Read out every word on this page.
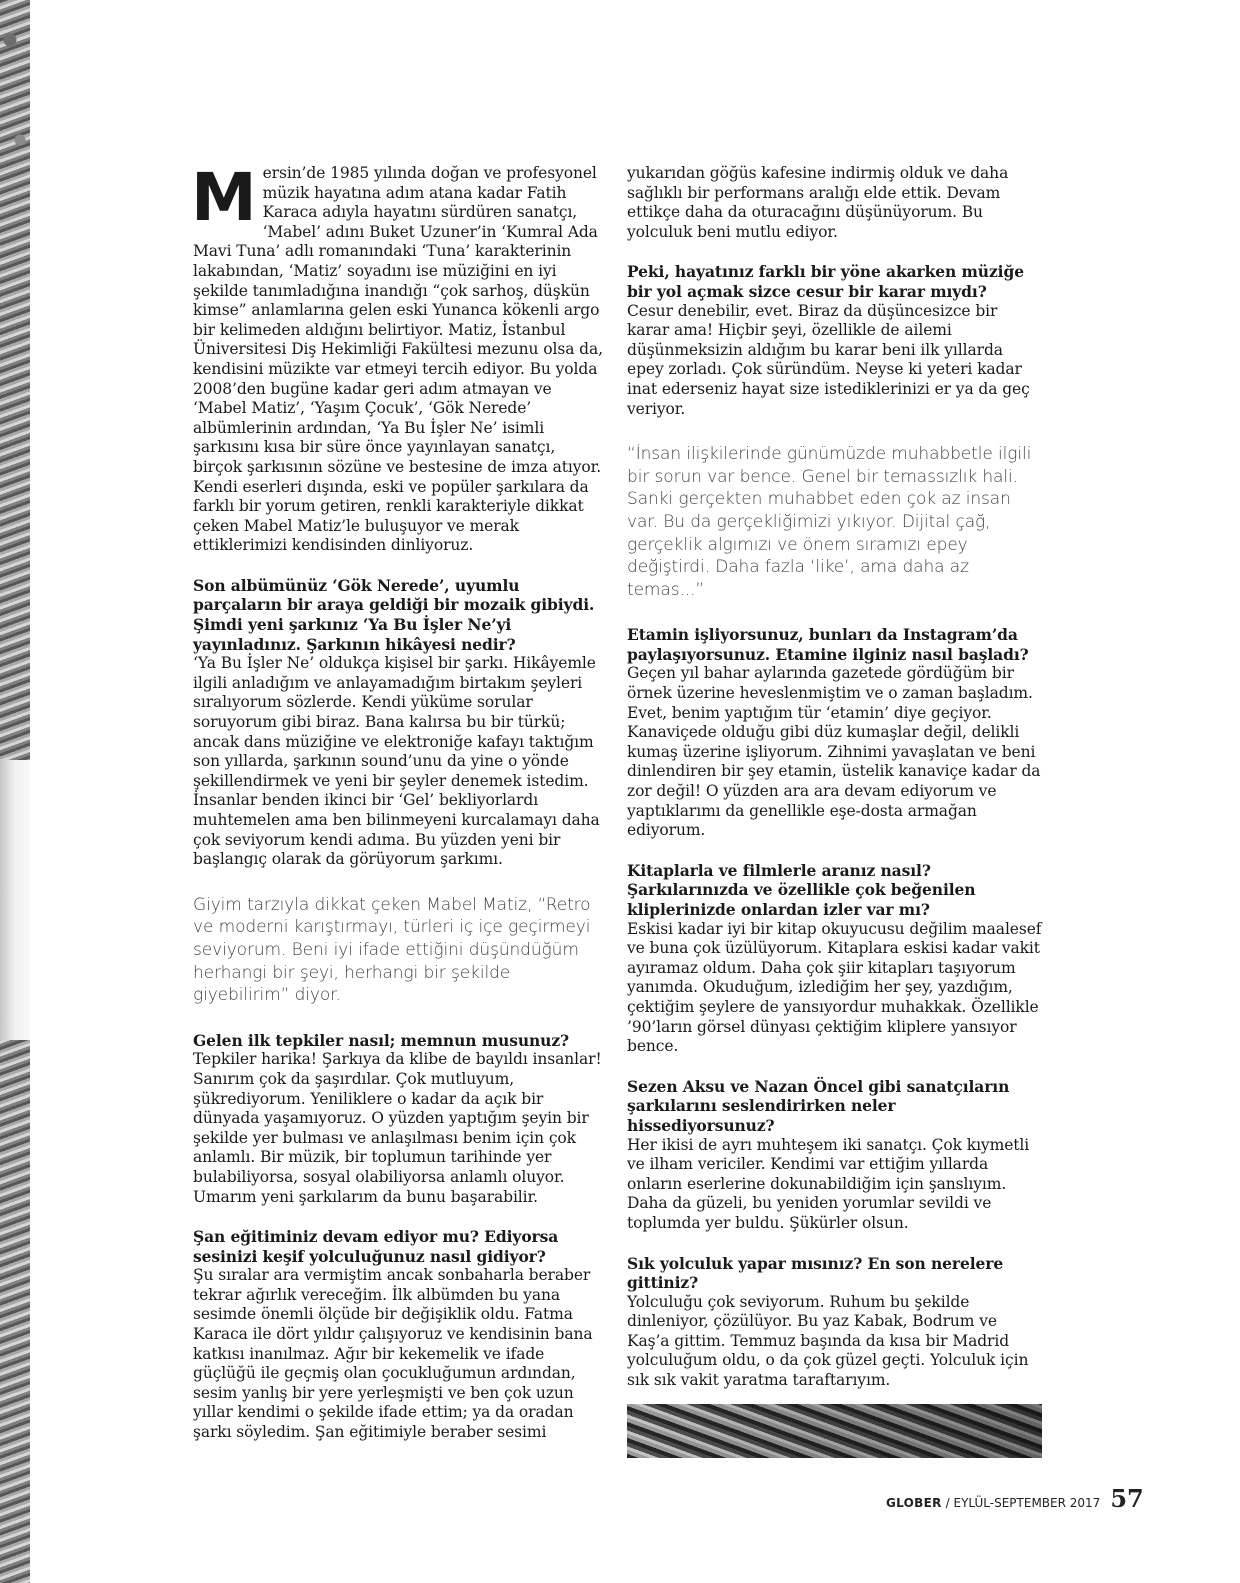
Mersin’de 1985 yılında doğan ve profesyonel müzik hayatına adım atana kadar Fatih Karaca adıyla hayatını sürdüren sanatçı, ‘Mabel’ adını Buket Uzuner’in ‘Kumral Ada Mavi Tuna’ adlı romanındaki ‘Tuna’ karakterinin lakabından, ‘Matiz’ soyadını ise müziğini en iyi şekilde tanımladığına inandığı “çok sarhoş, düşkün kimse” anlamlarına gelen eski Yunanca kökenli argo bir kelimeden aldığını belirtiyor. Matiz, İstanbul Üniversitesi Diş Hekimliği Fakültesi mezunu olsa da, kendisini müzikte var etmeyi tercih ediyor. Bu yolda 2008’den bugüne kadar geri adım atmayan ve ‘Mabel Matiz’, ‘Yaşım Çocuk’, ‘Gök Nerede’ albümlerinin ardından, ‘Ya Bu İşler Ne’ isimli şarkısını kısa bir süre önce yayınlayan sanatçı, birçok şarkısının sözüne ve bestesine de imza atıyor. Kendi eserleri dışında, eski ve popüler şarkılara da farklı bir yorum getiren, renkli karakteriyle dikkat çeken Mabel Matiz’le buluşuyor ve merak ettiklerimizi kendisinden dinliyoruz.

Son albümünüz ‘Gök Nerede’, uyumlu parçaların bir araya geldiği bir mozaik gibiydi. Şimdi yeni şarkınız ‘Ya Bu İşler Ne’yi yayınladınız. Şarkının hikâyesi nedir?
‘Ya Bu İşler Ne’ oldukça kişisel bir şarkı. Hikâyemle ilgili anladığım ve anlayamadığım birtakım şeyleri sıralıyorum sözlerde. Kendi yüküme sorular soruyorum gibi biraz. Bana kalırsa bu bir türkü; ancak dans müziğine ve elektroniğe kafayı taktığım son yıllarda, şarkının sound’unu da yine o yönde şekillendirmek ve yeni bir şeyler denemek istedim. İnsanlar benden ikinci bir ‘Gel’ bekliyorlardı muhtemelen ama ben bilinmeyeni kurcalamayı daha çok seviyorum kendi adıma. Bu yüzden yeni bir başlangıç olarak da görüyorum şarkımı.

Giyim tarzıyla dikkat çeken Mabel Matiz, “Retro ve moderni karıştırmayı, türleri iç içe geçirmeyi seviyorum. Beni iyi ifade ettiğini düşündüğüm herhangi bir şeyi, herhangi bir şekilde giyebilirim” diyor.

Gelen ilk tepkiler nasıl; memnun musunuz?
Tepkiler harika! Şarkıya da klibe de bayıldı insanlar! Sanırım çok da şaşırdılar. Çok mutluyum, şükrediyorum. Yeniliklere o kadar da açık bir dünyada yaşamıyoruz. O yüzden yaptığım şeyin bir şekilde yer bulması ve anlaşılması benim için çok anlamlı. Bir müzik, bir toplumun tarihinde yer bulabiliyorsa, sosyal olabiliyorsa anlamlı oluyor. Umarım yeni şarkılarım da bunu başarabilir.

Şan eğitiminiz devam ediyor mu? Ediyorsa sesinizi keşif yolculuğunuz nasıl gidiyor?
Şu sıralar ara vermiştim ancak sonbaharla beraber tekrar ağırlık vereceğim. İlk albümden bu yana sesimde önemli ölçüde bir değişiklik oldu. Fatma Karaca ile dört yıldır çalışıyoruz ve kendisinin bana katkısı inanılmaz. Ağır bir kekemelik ve ifade güçlüğü ile geçmiş olan çocukluğumun ardından, sesim yanlış bir yere yerleşmişti ve ben çok uzun yıllar kendimi o şekilde ifade ettim; ya da oradan şarkı söyledim. Şan eğitimiyle beraber sesimi

yukarıdan göğüs kafesine indirmiş olduk ve daha sağlıklı bir performans aralığı elde ettik. Devam ettikçe daha da oturacağını düşünüyorum. Bu yolculuk beni mutlu ediyor.

Peki, hayatınız farklı bir yöne akarken müziğe bir yol açmak sizce cesur bir karar mıydı?
Cesur denebilir, evet. Biraz da düşüncesizce bir karar ama! Hiçbir şeyi, özellikle de ailemi düşünmeksizin aldığım bu karar beni ilk yıllarda epey zorladı. Çok süründüm. Neyse ki yeteri kadar inat ederseniz hayat size istediklerinizi er ya da geç veriyor.

“İnsan ilişkilerinde günümüzde muhabbetle ilgili bir sorun var bence. Genel bir temassızlık hali. Sanki gerçekten muhabbet eden çok az insan var. Bu da gerçekliğimizi yıkıyor. Dijital çağ, gerçeklik algımızı ve önem sıramızı epey değiştirdi. Daha fazla ‘like’, ama daha az temas...”

Etamin işliyorsunuz, bunları da Instagram’da paylaşıyorsunuz. Etamine ilginiz nasıl başladı?
Geçen yıl bahar aylarında gazetede gördüğüm bir örnek üzerine heveslenmiştim ve o zaman başladım. Evet, benim yaptığım tür ‘etamin’ diye geçiyor. Kanaviçede olduğu gibi düz kumaşlar değil, delikli kumaş üzerine işliyorum. Zihnimi yavaşlatan ve beni dinlendiren bir şey etamin, üstelik kanaviçe kadar da zor değil! O yüzden ara ara devam ediyorum ve yaptıklarımı da genellikle eşe-dosta armağan ediyorum.

Kitaplarla ve filmlerle aranız nasıl? Şarkılarınızda ve özellikle çok beğenilen kliplerinizde onlardan izler var mı?
Eskisi kadar iyi bir kitap okuyucusu değilim maalesef ve buna çok üzülüyorum. Kitaplara eskisi kadar vakit ayıramaz oldum. Daha çok şiir kitapları taşıyorum yanımda. Okuduğum, izlediğim her şey, yazdığım, çektiğim şeylere de yansıyordur muhakkak. Özellikle ’90’ların görsel dünyası çektiğim kliplere yansıyor bence.

Sezen Aksu ve Nazan Öncel gibi sanatçıların şarkılarını seslendirirken neler hissediyorsunuz?
Her ikisi de ayrı muhteşem iki sanatçı. Çok kıymetli ve ilham vericiler. Kendimi var ettiğim yıllarda onların eserlerine dokunabildiğim için şanslıyım. Daha da güzeli, bu yeniden yorumlar sevildi ve toplumda yer buldu. Şükürler olsun.

Sık yolculuk yapar mısınız? En son nerelere gittiniz?
Yolculuğu çok seviyorum. Ruhum bu şekilde dinleniyor, çözülüyor. Bu yaz Kabak, Bodrum ve Kaş’a gittim. Temmuz başında da kısa bir Madrid yolculuğum oldu, o da çok güzel geçti. Yolculuk için sık sık vakit yaratma taraftarıyım.

GLOBER / EYLÜL-SEPTEMBER 2017 57
